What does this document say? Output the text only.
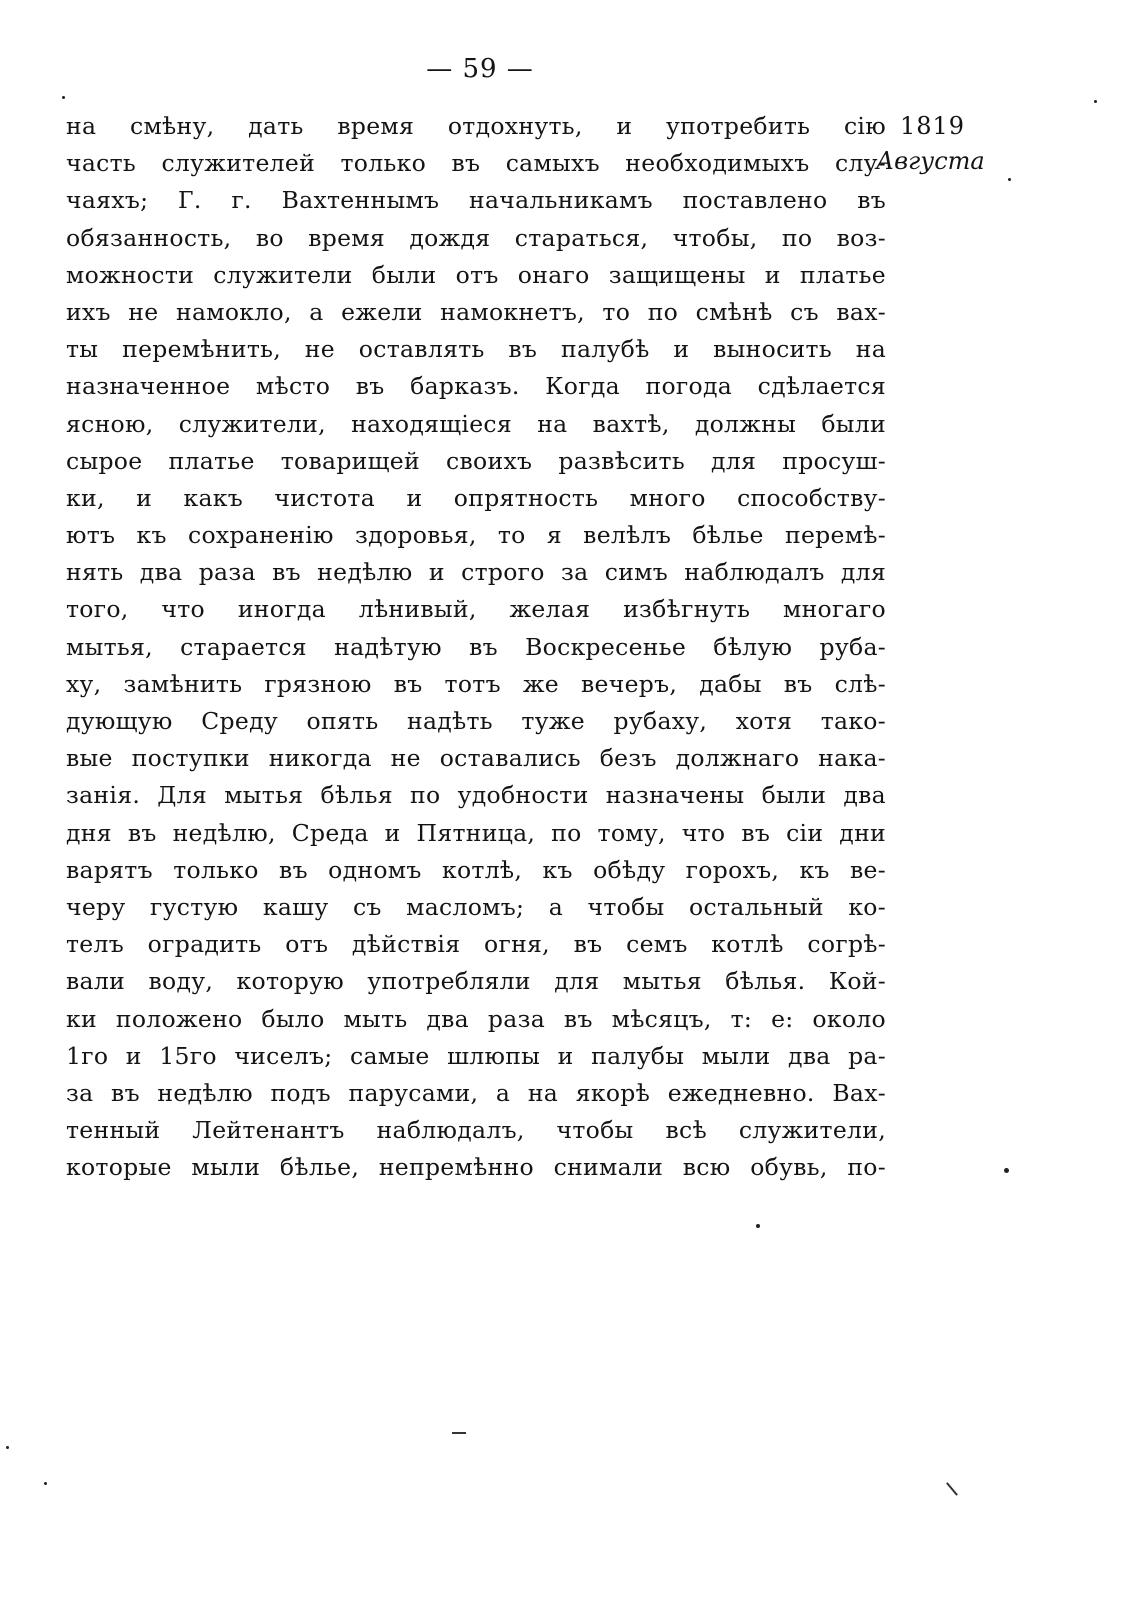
— 59 —
1819
Августа
на смѣну, дать время отдохнуть, и употребить сію
часть служителей только въ самыхъ необходимыхъ слу-
чаяхъ; Г. г. Вахтеннымъ начальникамъ поставлено въ
обязанность, во время дождя стараться, чтобы, по воз-
можности служители были отъ онаго защищены и платье
ихъ не намокло, а ежели намокнетъ, то по смѣнѣ съ вах-
ты перемѣнить, не оставлять въ палубѣ и выносить на
назначенное мѣсто въ барказъ. Когда погода сдѣлается
ясною, служители, находящіеся на вахтѣ, должны были
сырое платье товарищей своихъ развѣсить для просуш-
ки, и какъ чистота и опрятность много способству-
ютъ къ сохраненію здоровья, то я велѣлъ бѣлье перемѣ-
нять два раза въ недѣлю и строго за симъ наблюдалъ для
того, что иногда лѣнивый, желая избѣгнуть многаго
мытья, старается надѣтую въ Воскресенье бѣлую руба-
ху, замѣнить грязною въ тотъ же вечеръ, дабы въ слѣ-
дующую Среду опять надѣть туже рубаху, хотя тако-
вые поступки никогда не оставались безъ должнаго нака-
занія. Для мытья бѣлья по удобности назначены были два
дня въ недѣлю, Среда и Пятница, по тому, что въ сіи дни
варятъ только въ одномъ котлѣ, къ обѣду горохъ, къ ве-
черу густую кашу съ масломъ; а чтобы остальный ко-
телъ оградить отъ дѣйствія огня, въ семъ котлѣ согрѣ-
вали воду, которую употребляли для мытья бѣлья. Кой-
ки положено было мыть два раза въ мѣсяцъ, т: е: около
1го и 15го чиселъ; самые шлюпы и палубы мыли два ра-
за въ недѣлю подъ парусами, а на якорѣ ежедневно. Вах-
тенный Лейтенантъ наблюдалъ, чтобы всѣ служители,
которые мыли бѣлье, непремѣнно снимали всю обувь, по-
